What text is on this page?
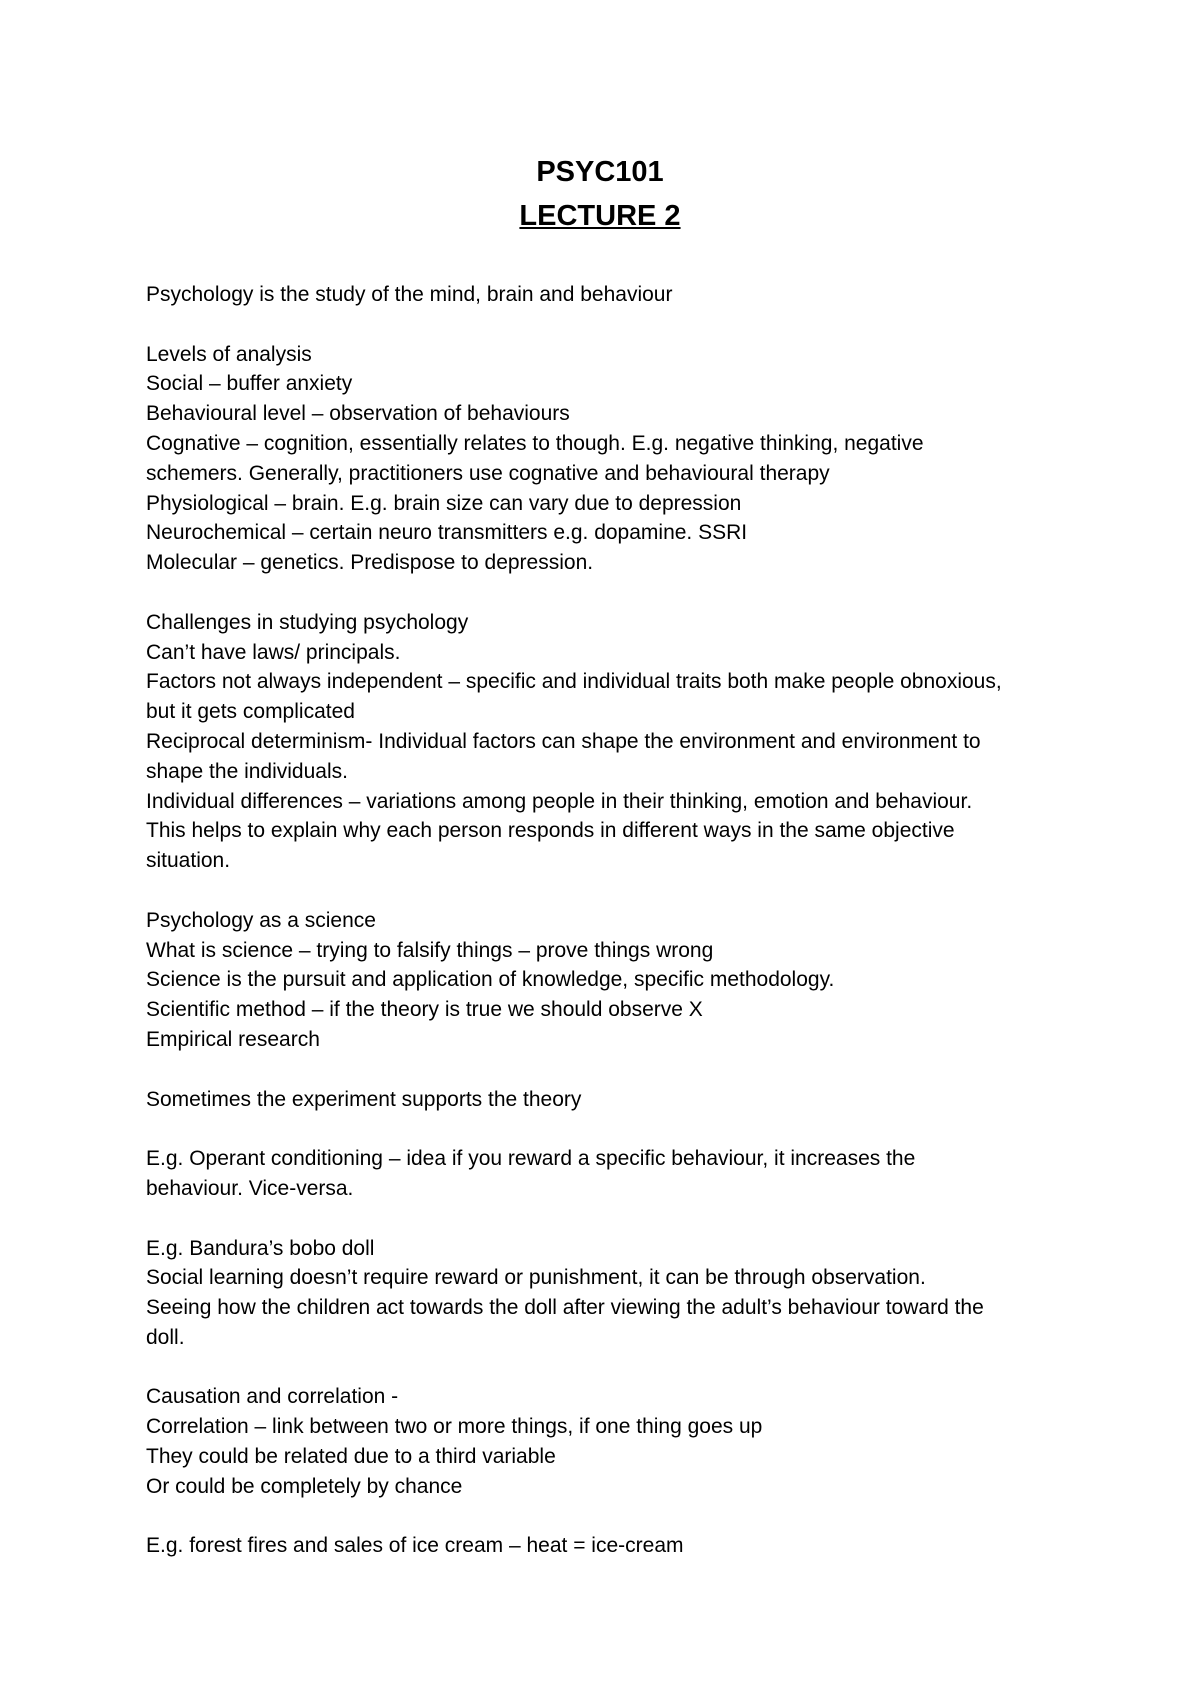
PSYC101
LECTURE 2
Psychology is the study of the mind, brain and behaviour
Levels of analysis
Social – buffer anxiety
Behavioural level – observation of behaviours
Cognative – cognition, essentially relates to though. E.g. negative thinking, negative
schemers. Generally, practitioners use cognative and behavioural therapy
Physiological – brain. E.g. brain size can vary due to depression
Neurochemical – certain neuro transmitters e.g. dopamine. SSRI
Molecular – genetics. Predispose to depression.
Challenges in studying psychology
Can’t have laws/ principals.
Factors not always independent – specific and individual traits both make people obnoxious,
but it gets complicated
Reciprocal determinism- Individual factors can shape the environment and environment to
shape the individuals.
Individual differences – variations among people in their thinking, emotion and behaviour.
This helps to explain why each person responds in different ways in the same objective
situation.
Psychology as a science
What is science – trying to falsify things – prove things wrong
Science is the pursuit and application of knowledge, specific methodology.
Scientific method – if the theory is true we should observe X
Empirical research
Sometimes the experiment supports the theory
E.g. Operant conditioning – idea if you reward a specific behaviour, it increases the
behaviour. Vice-versa.
E.g. Bandura’s bobo doll
Social learning doesn’t require reward or punishment, it can be through observation.
Seeing how the children act towards the doll after viewing the adult’s behaviour toward the
doll.
Causation and correlation -
Correlation – link between two or more things, if one thing goes up
They could be related due to a third variable
Or could be completely by chance
E.g. forest fires and sales of ice cream – heat = ice-cream
